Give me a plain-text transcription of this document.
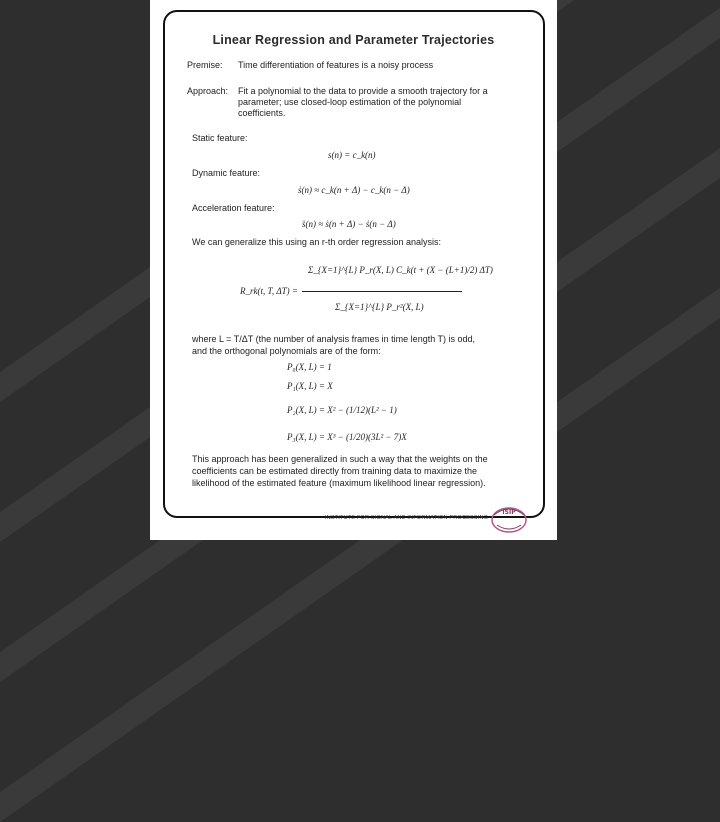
Linear Regression and Parameter Trajectories
Premise: Time differentiation of features is a noisy process
Approach: Fit a polynomial to the data to provide a smooth trajectory for a
parameter; use closed-loop estimation of the polynomial
coefficients.
Static feature:
s(n) = c_k(n)
Dynamic feature:
ṡ(n) ≈ c_k(n + Δ) − c_k(n − Δ)
Acceleration feature:
s̈(n) ≈ ṡ(n + Δ) − ṡ(n − Δ)
We can generalize this using an r-th order regression analysis:
R_rk(t, T, ΔT) =
Σ_{X=1}^{L} P_r(X, L) C_k(t + (X − (L+1)/2) ΔT)
Σ_{X=1}^{L} P_r²(X, L)
where L = T/ΔT (the number of analysis frames in time length T) is odd,
and the orthogonal polynomials are of the form:
P₀(X, L) = 1
P₁(X, L) = X
P₂(X, L) = X² − (1/12)(L² − 1)
P₃(X, L) = X³ − (1/20)(3L² − 7)X
This approach has been generalized in such a way that the weights on the
coefficients can be estimated directly from training data to maximize the
likelihood of the estimated feature (maximum likelihood linear regression).
INSTITUTE FOR SIGNAL AND INFORMATION PROCESSING
ISIP
